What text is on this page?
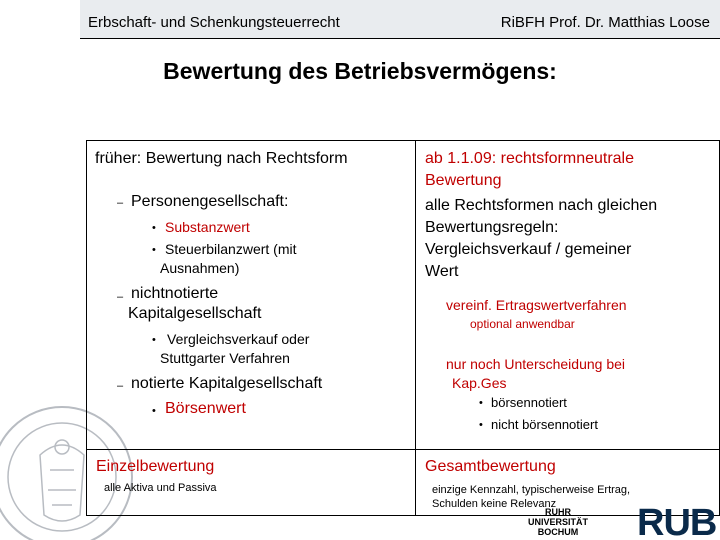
Erbschaft- und Schenkungsteuerrecht	RiBFH Prof. Dr. Matthias Loose
Bewertung des Betriebsvermögens:
früher: Bewertung nach Rechtsform
– Personengesellschaft:
• Substanzwert
• Steuerbilanzwert (mit
Ausnahmen)
– nichtnotierte
Kapitalgesellschaft
• Vergleichsverkauf oder
Stuttgarter Verfahren
– notierte Kapitalgesellschaft
• Börsenwert
Einzelbewertung
alle Aktiva und Passiva
ab 1.1.09: rechtsformneutrale
Bewertung
alle Rechtsformen nach gleichen
Bewertungsregeln:
Vergleichsverkauf / gemeiner
Wert
vereinf. Ertragswertverfahren
optional anwendbar
nur noch Unterscheidung bei
Kap.Ges
• börsennotiert
• nicht börsennotiert
Gesamtbewertung
einzige Kennzahl, typischerweise Ertrag,
Schulden keine Relevanz
RUHR
UNIVERSITÄT
BOCHUM RUB
